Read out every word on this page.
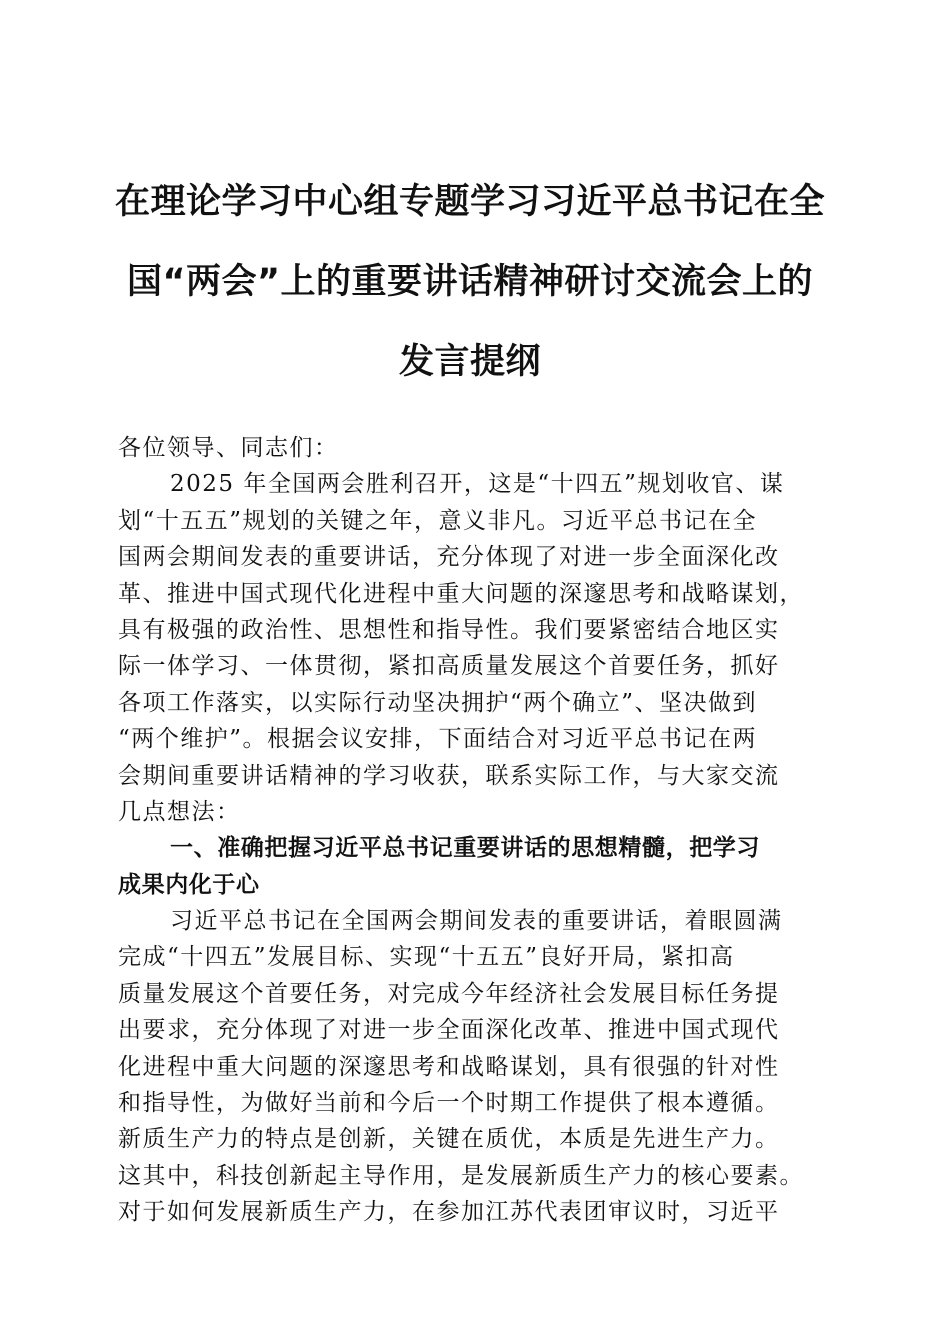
在理论学习中心组专题学习习近平总书记在全
国“两会”上的重要讲话精神研讨交流会上的
发言提纲
各位领导、同志们：
2025 年全国两会胜利召开，这是“十四五”规划收官、谋
划“十五五”规划的关键之年，意义非凡。习近平总书记在全
国两会期间发表的重要讲话，充分体现了对进一步全面深化改
革、推进中国式现代化进程中重大问题的深邃思考和战略谋划，
具有极强的政治性、思想性和指导性。我们要紧密结合地区实
际一体学习、一体贯彻，紧扣高质量发展这个首要任务，抓好
各项工作落实，以实际行动坚决拥护“两个确立”、坚决做到
“两个维护”。根据会议安排，下面结合对习近平总书记在两
会期间重要讲话精神的学习收获，联系实际工作，与大家交流
几点想法：
一、准确把握习近平总书记重要讲话的思想精髓，把学习
成果内化于心
习近平总书记在全国两会期间发表的重要讲话，着眼圆满
完成“十四五”发展目标、实现“十五五”良好开局，紧扣高
质量发展这个首要任务，对完成今年经济社会发展目标任务提
出要求，充分体现了对进一步全面深化改革、推进中国式现代
化进程中重大问题的深邃思考和战略谋划，具有很强的针对性
和指导性，为做好当前和今后一个时期工作提供了根本遵循。
新质生产力的特点是创新，关键在质优，本质是先进生产力。
这其中，科技创新起主导作用，是发展新质生产力的核心要素。
对于如何发展新质生产力，在参加江苏代表团审议时，习近平
